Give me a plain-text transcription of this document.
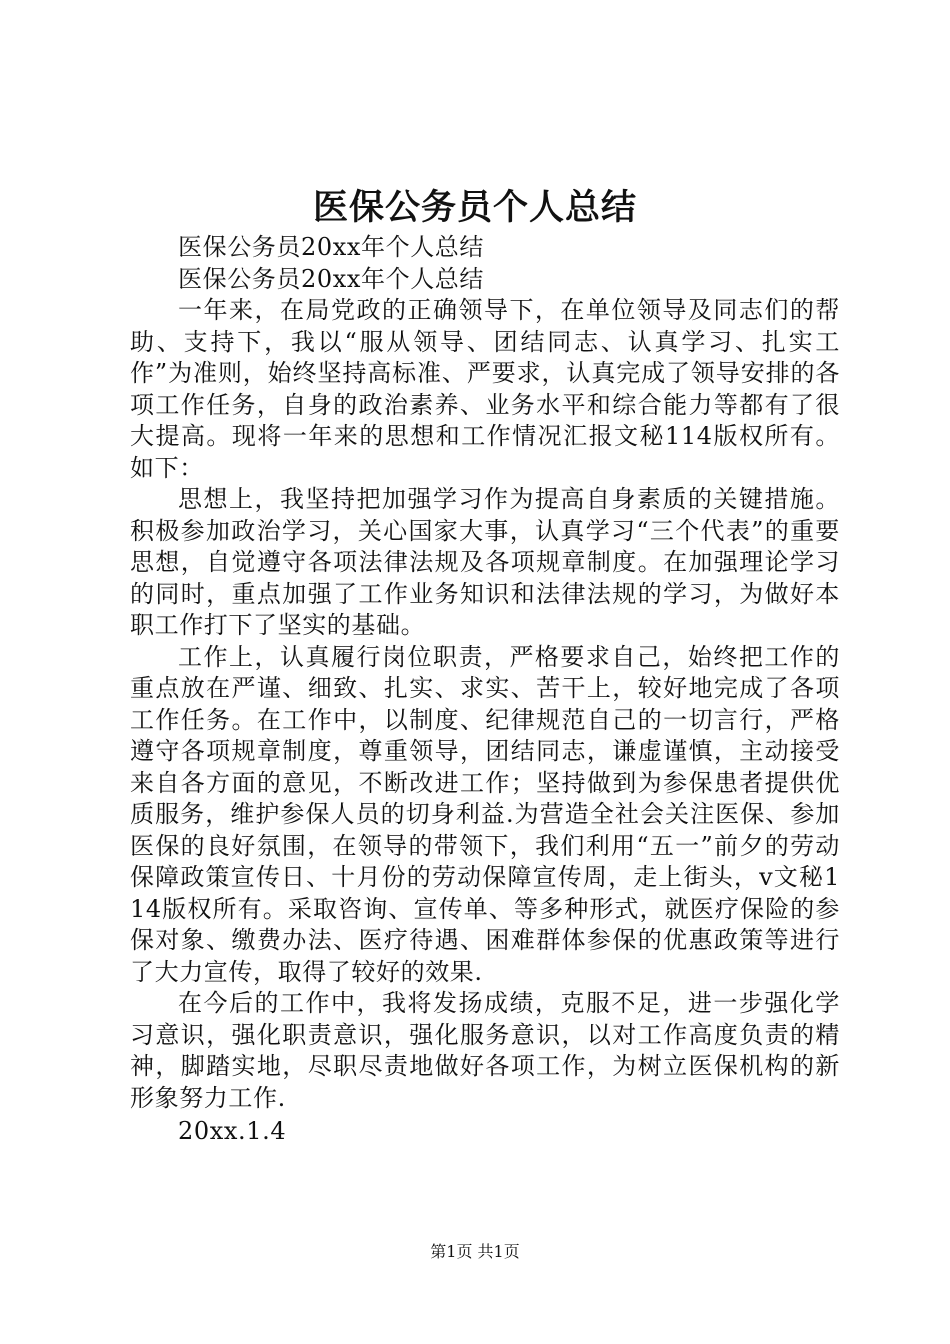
医保公务员个人总结

医保公务员20xx年个人总结

医保公务员20xx年个人总结

一年来，在局党政的正确领导下，在单位领导及同志们的帮助、支持下，我以“服从领导、团结同志、认真学习、扎实工作”为准则，始终坚持高标准、严要求，认真完成了领导安排的各项工作任务，自身的政治素养、业务水平和综合能力等都有了很大提高。现将一年来的思想和工作情况汇报文秘114版权所有。如下：

思想上，我坚持把加强学习作为提高自身素质的关键措施。积极参加政治学习，关心国家大事，认真学习“三个代表”的重要思想，自觉遵守各项法律法规及各项规章制度。在加强理论学习的同时，重点加强了工作业务知识和法律法规的学习，为做好本职工作打下了坚实的基础。

工作上，认真履行岗位职责，严格要求自己，始终把工作的重点放在严谨、细致、扎实、求实、苦干上，较好地完成了各项工作任务。在工作中，以制度、纪律规范自己的一切言行，严格遵守各项规章制度，尊重领导，团结同志，谦虚谨慎，主动接受来自各方面的意见，不断改进工作；坚持做到为参保患者提供优质服务，维护参保人员的切身利益.为营造全社会关注医保、参加医保的良好氛围，在领导的带领下，我们利用“五一”前夕的劳动保障政策宣传日、十月份的劳动保障宣传周，走上街头，v文秘114版权所有。采取咨询、宣传单、等多种形式，就医疗保险的参保对象、缴费办法、医疗待遇、困难群体参保的优惠政策等进行了大力宣传，取得了较好的效果.

在今后的工作中，我将发扬成绩，克服不足，进一步强化学习意识，强化职责意识，强化服务意识，以对工作高度负责的精神，脚踏实地，尽职尽责地做好各项工作，为树立医保机构的新形象努力工作.

20xx.1.4

第1页 共1页
